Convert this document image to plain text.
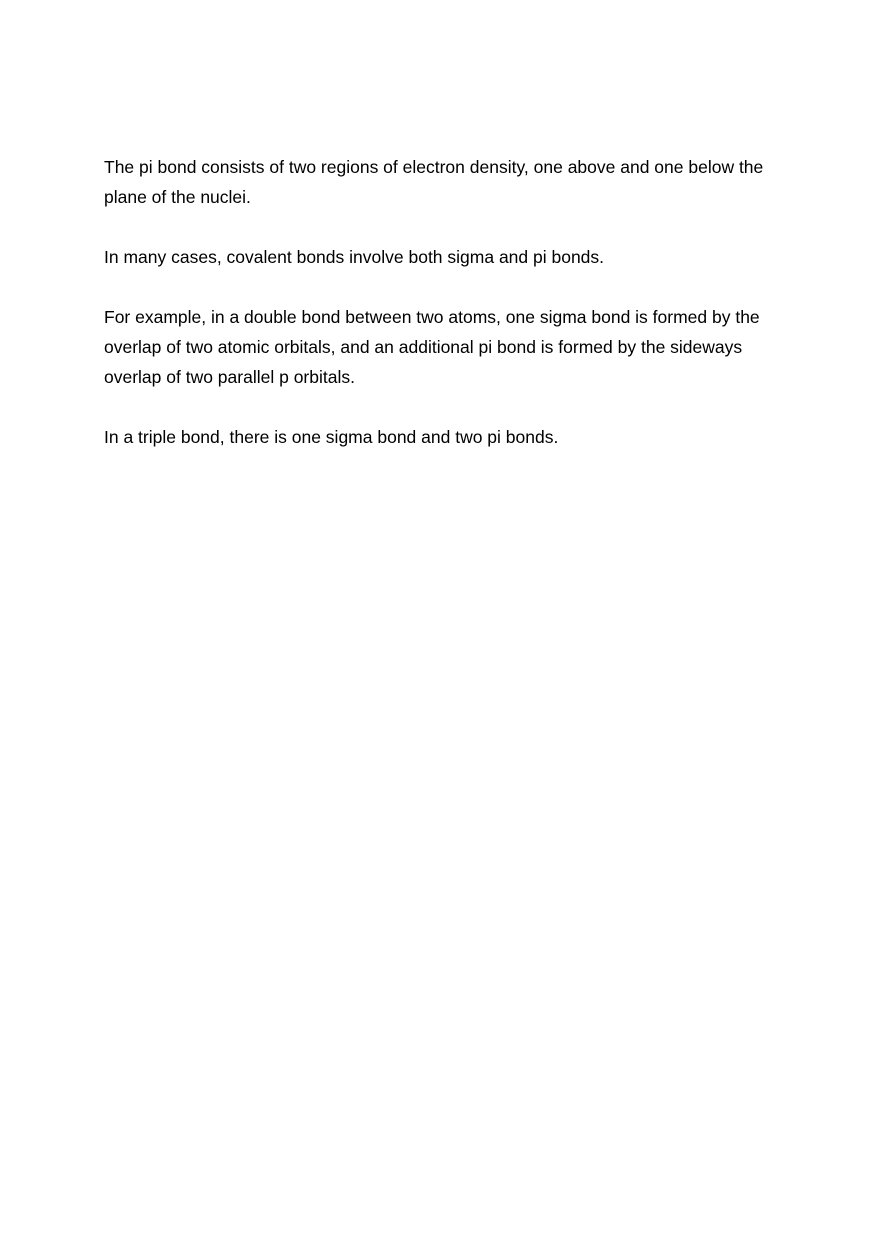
The pi bond consists of two regions of electron density, one above and one below the plane of the nuclei.

In many cases, covalent bonds involve both sigma and pi bonds.

For example, in a double bond between two atoms, one sigma bond is formed by the overlap of two atomic orbitals, and an additional pi bond is formed by the sideways overlap of two parallel p orbitals.

In a triple bond, there is one sigma bond and two pi bonds.
